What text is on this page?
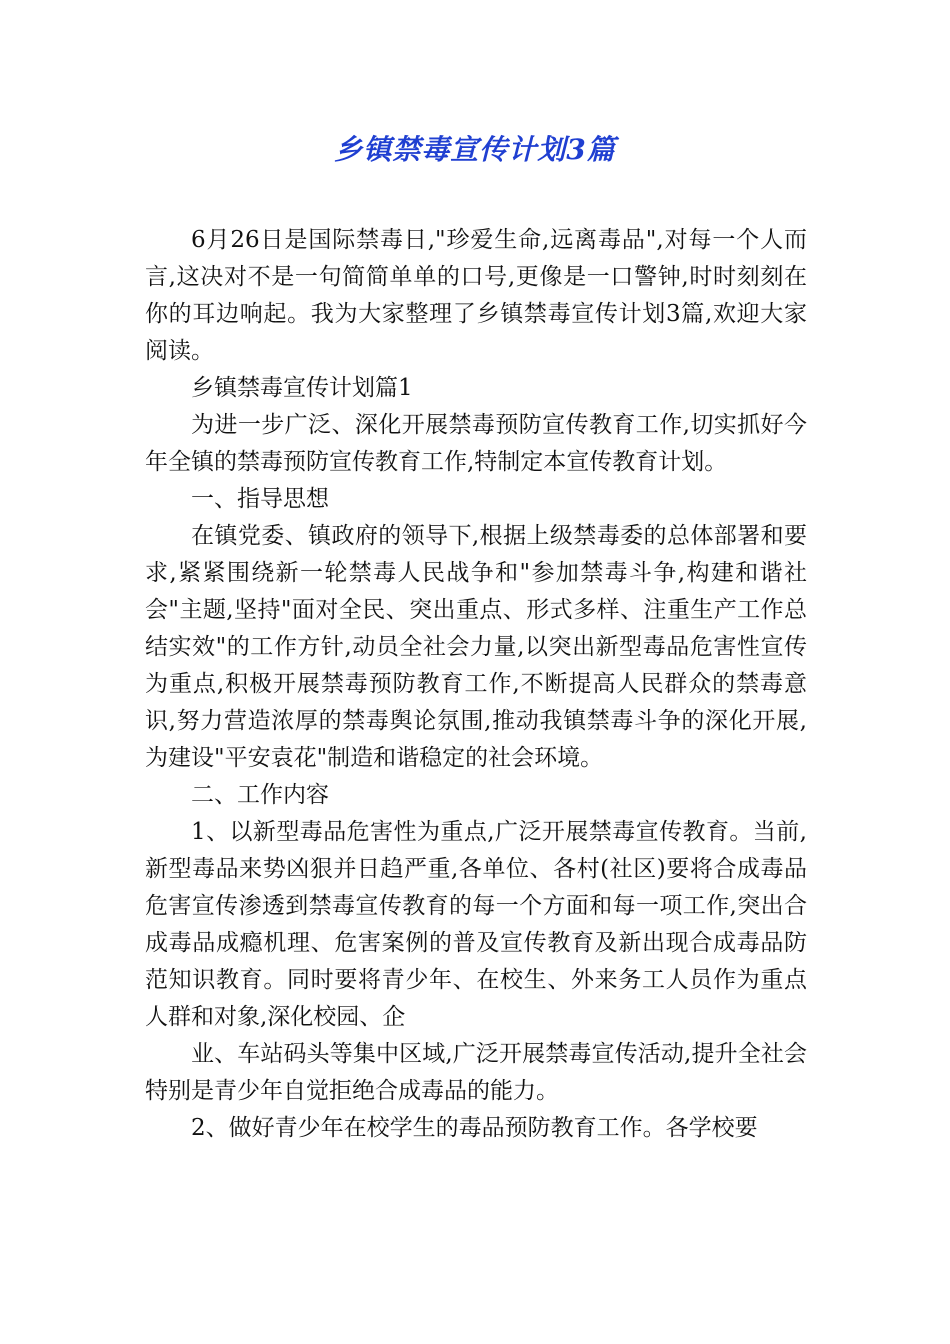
乡镇禁毒宣传计划3篇

6月26日是国际禁毒日,"珍爱生命,远离毒品",对每一个人而言,这决对不是一句简简单单的口号,更像是一口警钟,时时刻刻在你的耳边响起。我为大家整理了乡镇禁毒宣传计划3篇,欢迎大家阅读。

乡镇禁毒宣传计划篇1

为进一步广泛、深化开展禁毒预防宣传教育工作,切实抓好今年全镇的禁毒预防宣传教育工作,特制定本宣传教育计划。

一、指导思想

在镇党委、镇政府的领导下,根据上级禁毒委的总体部署和要求,紧紧围绕新一轮禁毒人民战争和"参加禁毒斗争,构建和谐社会"主题,坚持"面对全民、突出重点、形式多样、注重生产工作总结实效"的工作方针,动员全社会力量,以突出新型毒品危害性宣传为重点,积极开展禁毒预防教育工作,不断提高人民群众的禁毒意识,努力营造浓厚的禁毒舆论氛围,推动我镇禁毒斗争的深化开展,为建设"平安袁花"制造和谐稳定的社会环境。

二、工作内容

1、以新型毒品危害性为重点,广泛开展禁毒宣传教育。当前,新型毒品来势凶狠并日趋严重,各单位、各村(社区)要将合成毒品危害宣传渗透到禁毒宣传教育的每一个方面和每一项工作,突出合成毒品成瘾机理、危害案例的普及宣传教育及新出现合成毒品防范知识教育。同时要将青少年、在校生、外来务工人员作为重点人群和对象,深化校园、企

业、车站码头等集中区域,广泛开展禁毒宣传活动,提升全社会特别是青少年自觉拒绝合成毒品的能力。

2、做好青少年在校学生的毒品预防教育工作。各学校要
